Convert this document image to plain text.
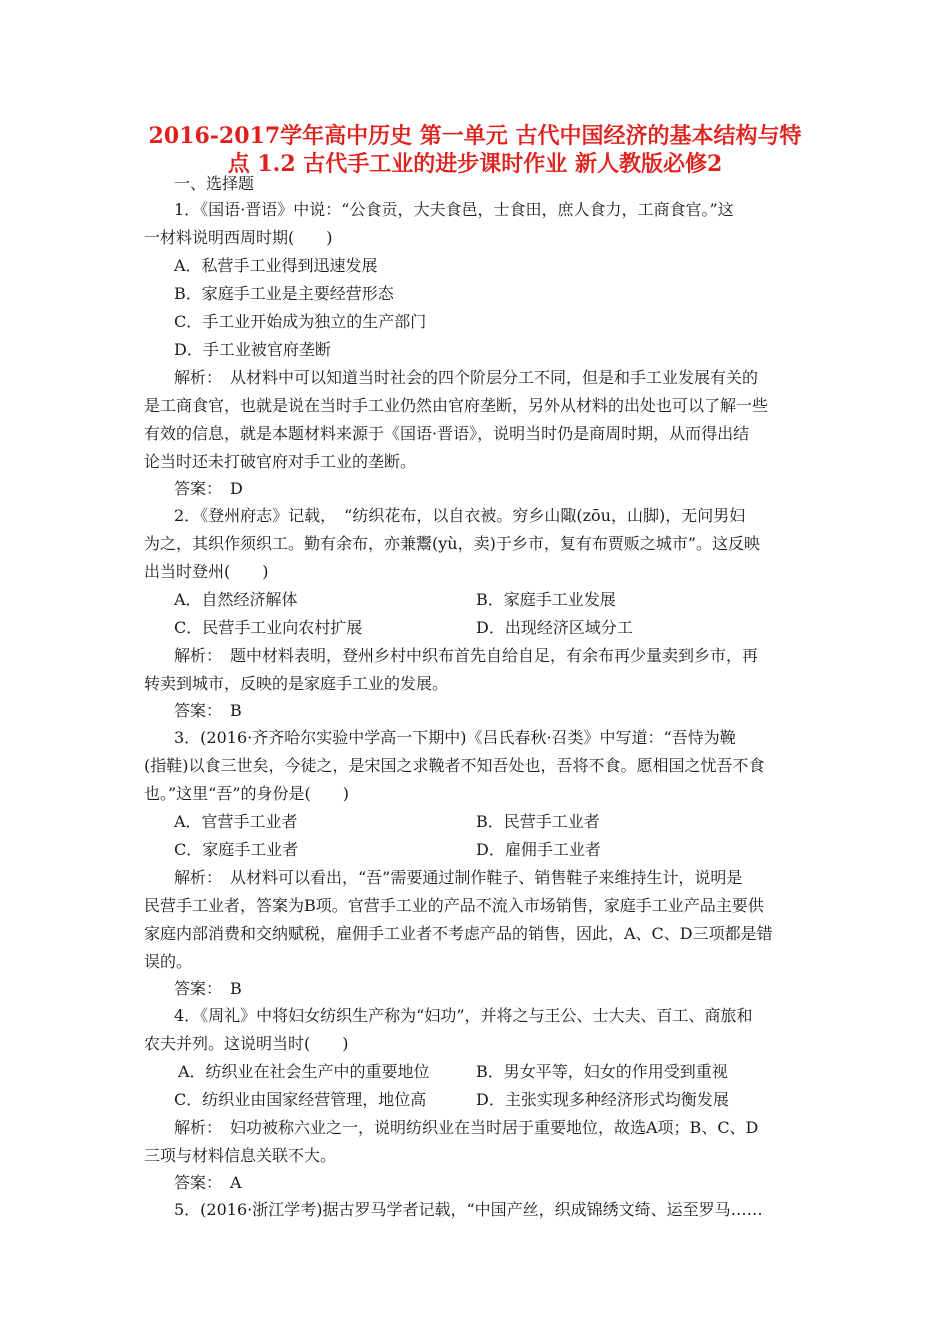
2016-2017学年高中历史 第一单元 古代中国经济的基本结构与特
点 1.2 古代手工业的进步课时作业 新人教版必修2
一、选择题
1．《国语·晋语》中说：“公食贡，大夫食邑，士食田，庶人食力，工商食官。”这
一材料说明西周时期(　　)
A．私营手工业得到迅速发展
B．家庭手工业是主要经营形态
C．手工业开始成为独立的生产部门
D．手工业被官府垄断
解析：　从材料中可以知道当时社会的四个阶层分工不同，但是和手工业发展有关的
是工商食官，也就是说在当时手工业仍然由官府垄断，另外从材料的出处也可以了解一些
有效的信息，就是本题材料来源于《国语·晋语》，说明当时仍是商周时期，从而得出结
论当时还未打破官府对手工业的垄断。
答案：　D
2．《登州府志》记载，　“纺织花布，以自衣被。穷乡山陬(zōu，山脚)，无问男妇
为之，其织作须织工。勤有余布，亦兼鬻(yù，卖)于乡市，复有布贾贩之城市”。这反映
出当时登州(　　)
A．自然经济解体	B．家庭手工业发展
C．民营手工业向农村扩展	D．出现经济区域分工
解析：　题中材料表明，登州乡村中织布首先自给自足，有余布再少量卖到乡市，再
转卖到城市，反映的是家庭手工业的发展。
答案：　B
3．(2016·齐齐哈尔实验中学高一下期中)《吕氏春秋·召类》中写道：“吾恃为鞔
(指鞋)以食三世矣，今徒之，是宋国之求鞔者不知吾处也，吾将不食。愿相国之忧吾不食
也。”这里“吾”的身份是(　　)
A．官营手工业者	B．民营手工业者
C．家庭手工业者	D．雇佣手工业者
解析：　从材料可以看出，“吾”需要通过制作鞋子、销售鞋子来维持生计，说明是
民营手工业者，答案为B项。官营手工业的产品不流入市场销售，家庭手工业产品主要供
家庭内部消费和交纳赋税，雇佣手工业者不考虑产品的销售，因此，A、C、D三项都是错
误的。
答案：　B
4．《周礼》中将妇女纺织生产称为“妇功”，并将之与王公、士大夫、百工、商旅和
农夫并列。这说明当时(　　)
A．纺织业在社会生产中的重要地位	B．男女平等，妇女的作用受到重视
C．纺织业由国家经营管理，地位高	D．主张实现多种经济形式均衡发展
解析：　妇功被称六业之一，说明纺织业在当时居于重要地位，故选A项；B、C、D
三项与材料信息关联不大。
答案：　A
5．(2016·浙江学考)据古罗马学者记载，“中国产丝，织成锦绣文绮、运至罗马……
